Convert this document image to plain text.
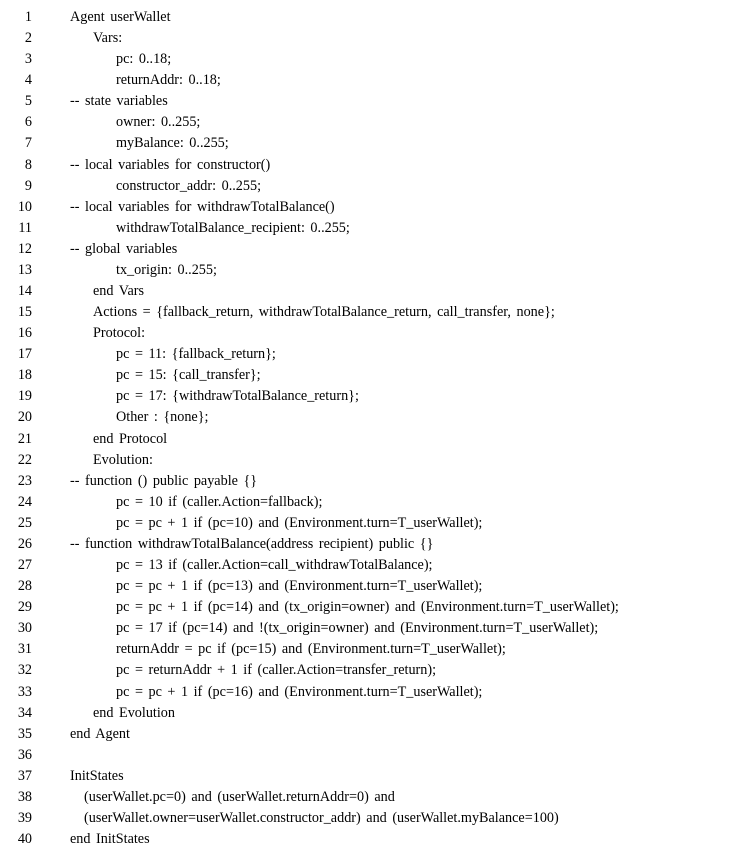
1	Agent userWallet
2	Vars:
3	pc: 0..18;
4	returnAddr: 0..18;
5	-- state variables
6	owner: 0..255;
7	myBalance: 0..255;
8	-- local variables for constructor()
9	constructor_addr: 0..255;
10	-- local variables for withdrawTotalBalance()
11	withdrawTotalBalance_recipient: 0..255;
12	-- global variables
13	tx_origin: 0..255;
14	end Vars
15	Actions = {fallback_return, withdrawTotalBalance_return, call_transfer, none};
16	Protocol:
17	pc = 11: {fallback_return};
18	pc = 15: {call_transfer};
19	pc = 17: {withdrawTotalBalance_return};
20	Other : {none};
21	end Protocol
22	Evolution:
23	-- function () public payable {}
24	pc = 10 if (caller.Action=fallback);
25	pc = pc + 1 if (pc=10) and (Environment.turn=T_userWallet);
26	-- function withdrawTotalBalance(address recipient) public {}
27	pc = 13 if (caller.Action=call_withdrawTotalBalance);
28	pc = pc + 1 if (pc=13) and (Environment.turn=T_userWallet);
29	pc = pc + 1 if (pc=14) and (tx_origin=owner) and (Environment.turn=T_userWallet);
30	pc = 17 if (pc=14) and !(tx_origin=owner) and (Environment.turn=T_userWallet);
31	returnAddr = pc if (pc=15) and (Environment.turn=T_userWallet);
32	pc = returnAddr + 1 if (caller.Action=transfer_return);
33	pc = pc + 1 if (pc=16) and (Environment.turn=T_userWallet);
34	end Evolution
35	end Agent
36
37	InitStates
38	(userWallet.pc=0) and (userWallet.returnAddr=0) and
39	(userWallet.owner=userWallet.constructor_addr) and (userWallet.myBalance=100)
40	end InitStates
